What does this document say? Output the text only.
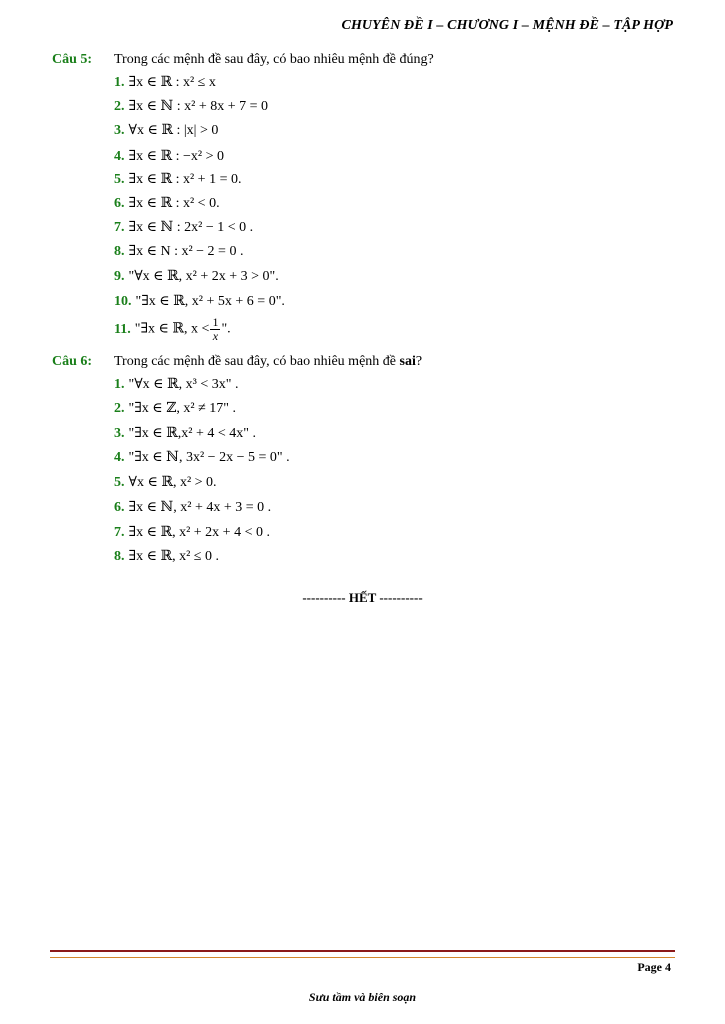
CHUYÊN ĐỀ I – CHƯƠNG I – MỆNH ĐỀ – TẬP HỢP
Câu 5: Trong các mệnh đề sau đây, có bao nhiêu mệnh đề đúng?
1. ∃x ∈ ℝ : x² ≤ x
2. ∃x ∈ ℕ : x² + 8x + 7 = 0
3. ∀x ∈ ℝ : |x| > 0
4. ∃x ∈ ℝ : −x² > 0
5. ∃x ∈ ℝ : x² + 1 = 0.
6. ∃x ∈ ℝ : x² < 0.
7. ∃x ∈ ℕ : 2x² − 1 < 0 .
8. ∃x ∈ N : x² − 2 = 0 .
9. "∀x ∈ ℝ, x² + 2x + 3 > 0".
10. "∃x ∈ ℝ, x² + 5x + 6 = 0".
11. "∃x ∈ ℝ, $x < \frac{1}{x}$ ".
Câu 6: Trong các mệnh đề sau đây, có bao nhiêu mệnh đề sai?
1. "∀x ∈ ℝ, x³ < 3x" .
2. "∃x ∈ ℤ, x² ≠ 17" .
3. "∃x ∈ ℝ,x² + 4 < 4x" .
4. "∃x ∈ ℕ, 3x² − 2x − 5 = 0" .
5. ∀x ∈ ℝ, x² > 0.
6. ∃x ∈ ℕ, x² + 4x + 3 = 0 .
7. ∃x ∈ ℝ, x² + 2x + 4 < 0 .
8. ∃x ∈ ℝ, x² ≤ 0 .
---------- HẾT ----------
Page 4
Sưu tầm và biên soạn
